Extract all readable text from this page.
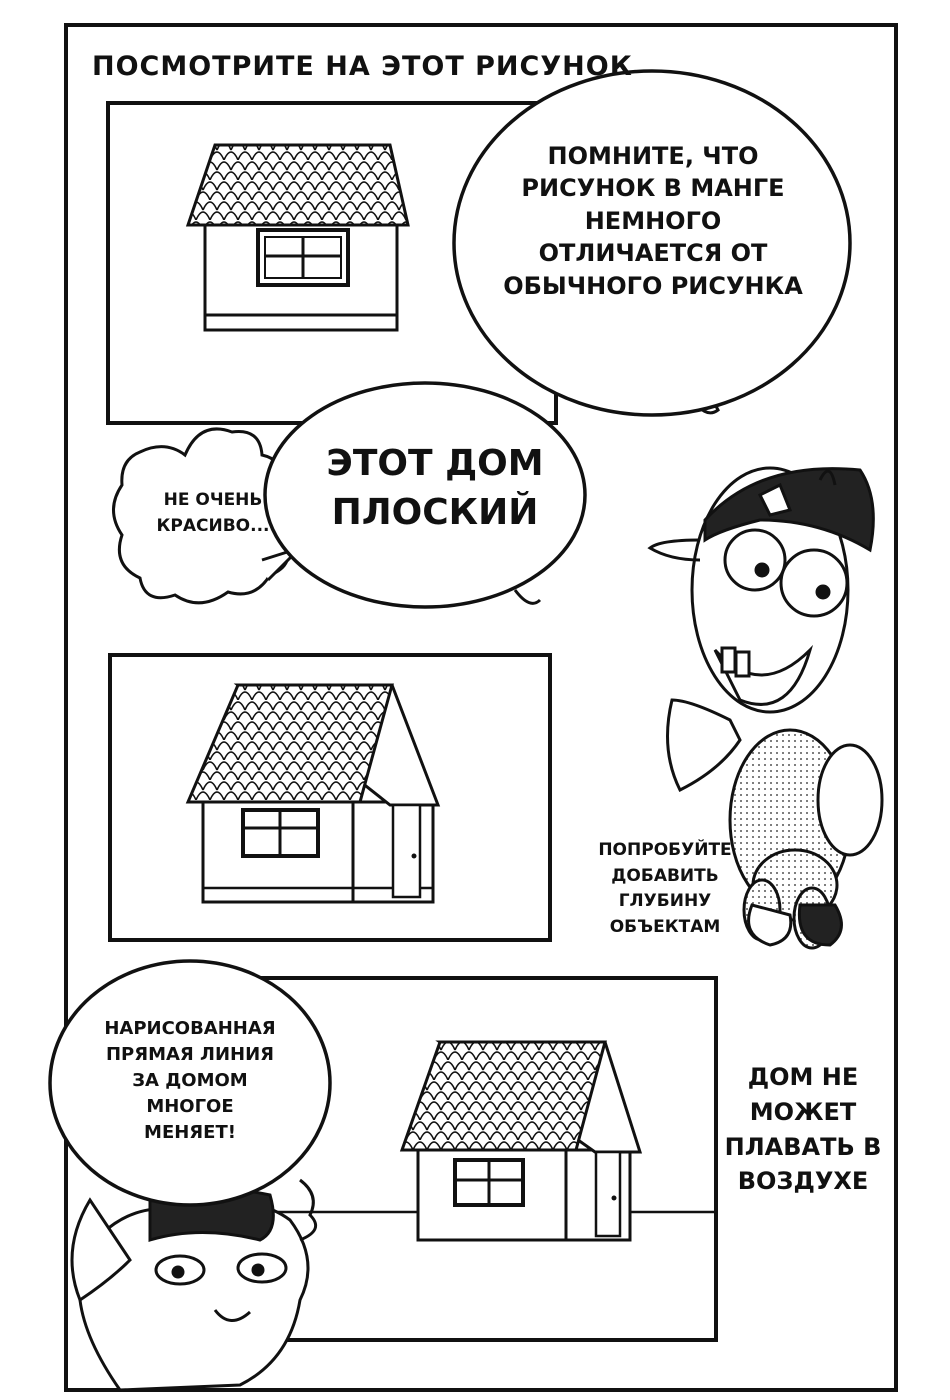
ПОСМОТРИТЕ НА ЭТОТ РИСУНОК
ПОМНИТЕ, ЧТО
РИСУНОК В МАНГЕ
НЕМНОГО
ОТЛИЧАЕТСЯ ОТ
ОБЫЧНОГО РИСУНКА
ЭТОТ ДОМ
ПЛОСКИЙ
НЕ ОЧЕНЬ
КРАСИВО...
ПОПРОБУЙТЕ
ДОБАВИТЬ
ГЛУБИНУ
ОБЪЕКТАМ
НАРИСОВАННАЯ
ПРЯМАЯ ЛИНИЯ
ЗА ДОМОМ
МНОГОЕ
МЕНЯЕТ!
ДОМ НЕ
МОЖЕТ
ПЛАВАТЬ В
ВОЗДУХЕ
